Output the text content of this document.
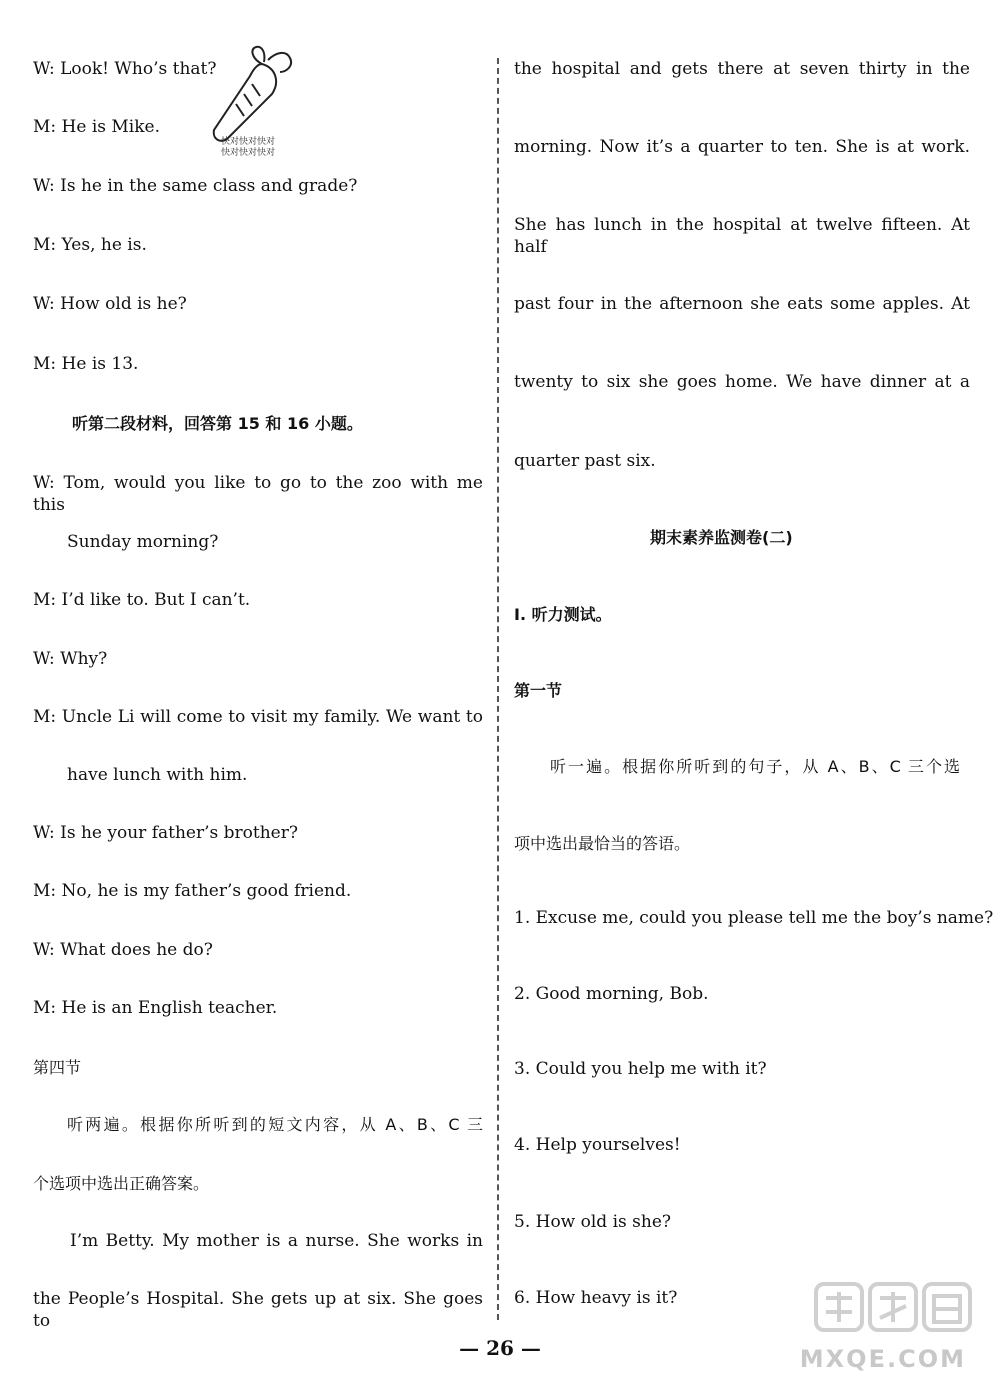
W: Look! Who’s that?
M: He is Mike.
W: Is he in the same class and grade?
M: Yes, he is.
W: How old is he?
M: He is 13.
听第二段材料，回答第 15 和 16 小题。
W: Tom, would you like to go to the zoo with me this
Sunday morning?
M: I’d like to. But I can’t.
W: Why?
M: Uncle Li will come to visit my family. We want to
have lunch with him.
W: Is he your father’s brother?
M: No, he is my father’s good friend.
W: What does he do?
M: He is an English teacher.
第四节
听两遍。根据你所听到的短文内容，从 A、B、C 三
个选项中选出正确答案。
I’m Betty. My mother is a nurse. She works in
the People’s Hospital. She gets up at six. She goes to
the hospital and gets there at seven thirty in the
morning. Now it’s a quarter to ten. She is at work.
She has lunch in the hospital at twelve fifteen. At half
past four in the afternoon she eats some apples. At
twenty to six she goes home. We have dinner at a
quarter past six.
期末素养监测卷(二)
Ⅰ. 听力测试。
第一节
听一遍。根据你所听到的句子，从 A、B、C 三个选
项中选出最恰当的答语。
1. Excuse me, could you please tell me the boy’s name?
2. Good morning, Bob.
3. Could you help me with it?
4. Help yourselves!
5. How old is she?
6. How heavy is it?
快对快对快对
快对快对快对
— 26 —	MXQE.COM
